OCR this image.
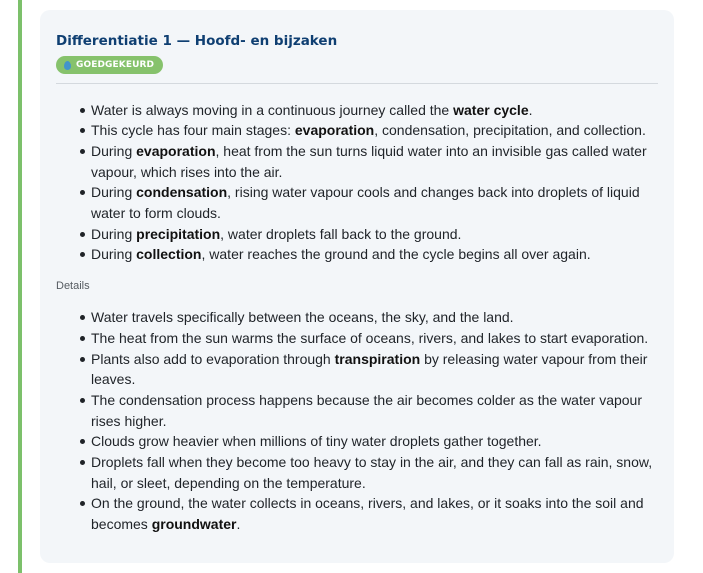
Differentiatie 1 — Hoofd- en bijzaken
GOEDGEKEURD
Water is always moving in a continuous journey called the water cycle.
This cycle has four main stages: evaporation, condensation, precipitation, and collection.
During evaporation, heat from the sun turns liquid water into an invisible gas called water vapour, which rises into the air.
During condensation, rising water vapour cools and changes back into droplets of liquid water to form clouds.
During precipitation, water droplets fall back to the ground.
During collection, water reaches the ground and the cycle begins all over again.
Details
Water travels specifically between the oceans, the sky, and the land.
The heat from the sun warms the surface of oceans, rivers, and lakes to start evaporation.
Plants also add to evaporation through transpiration by releasing water vapour from their leaves.
The condensation process happens because the air becomes colder as the water vapour rises higher.
Clouds grow heavier when millions of tiny water droplets gather together.
Droplets fall when they become too heavy to stay in the air, and they can fall as rain, snow, hail, or sleet, depending on the temperature.
On the ground, the water collects in oceans, rivers, and lakes, or it soaks into the soil and becomes groundwater.
